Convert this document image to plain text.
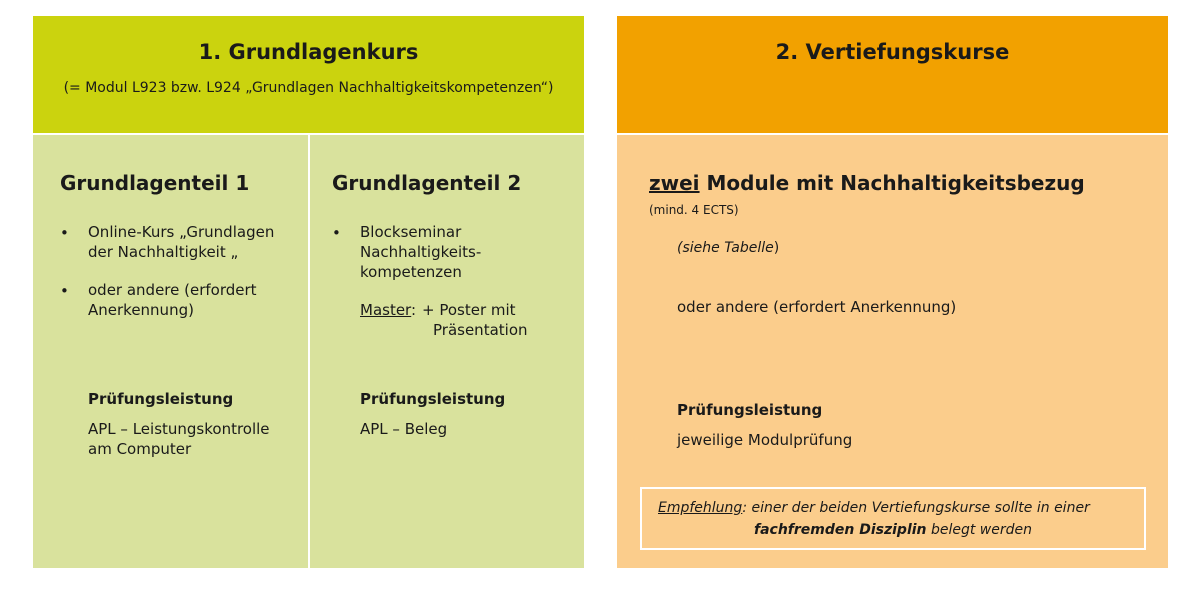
1. Grundlagenkurs
(= Modul L923 bzw. L924 „Grundlagen Nachhaltigkeitskompetenzen“)
Grundlagenteil 1
• Online-Kurs „Grundlagen der Nachhaltigkeit „
• oder andere (erfordert Anerkennung)
Prüfungsleistung
APL – Leistungskontrolle am Computer
Grundlagenteil 2
• Blockseminar Nachhaltigkeits-kompetenzen
Master : + Poster mit
Präsentation
Prüfungsleistung
APL – Beleg
2. Vertiefungskurse
zwei Module mit Nachhaltigkeitsbezug
(mind. 4 ECTS)
(siehe Tabelle)
oder andere (erfordert Anerkennung)
Prüfungsleistung
jeweilige Modulprüfung
Empfehlung: einer der beiden Vertiefungskurse sollte in einer
fachfremden Disziplin belegt werden
